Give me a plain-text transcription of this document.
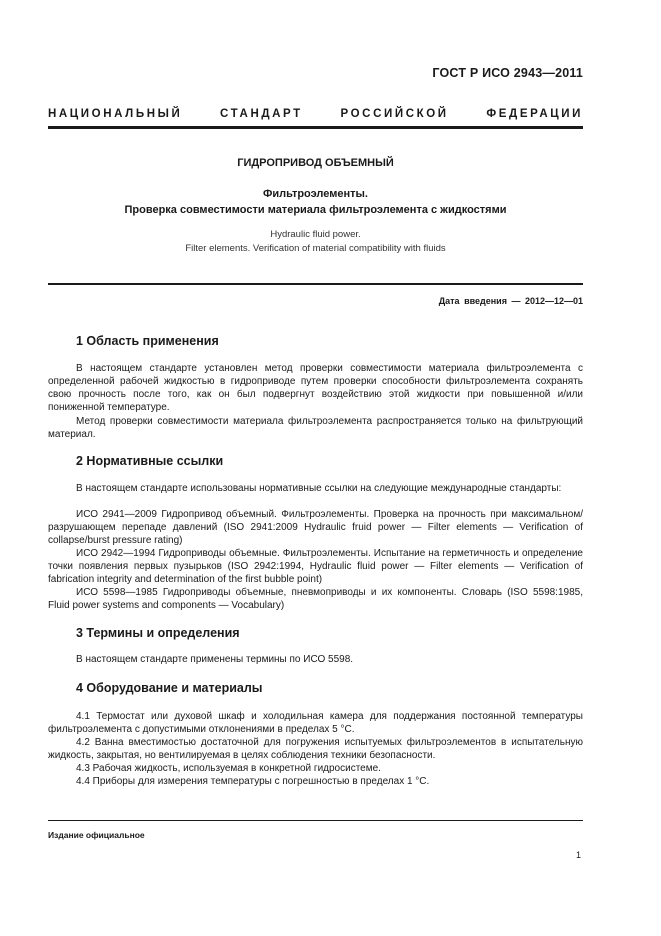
ГОСТ Р ИСО 2943—2011
НАЦИОНАЛЬНЫЙ СТАНДАРТ РОССИЙСКОЙ ФЕДЕРАЦИИ
ГИДРОПРИВОД ОБЪЕМНЫЙ
Фильтроэлементы.
Проверка совместимости материала фильтроэлемента с жидкостями
Hydraulic fluid power.
Filter elements. Verification of material compatibility with fluids
Дата введения — 2012—12—01
1 Область применения
В настоящем стандарте установлен метод проверки совместимости материала фильтроэлемента с определенной рабочей жидкостью в гидроприводе путем проверки способности фильтроэлемента сохранять свою прочность после того, как он был подвергнут воздействию этой жидкости при повышенной и/или пониженной температуре.
Метод проверки совместимости материала фильтроэлемента распространяется только на фильтрующий материал.
2 Нормативные ссылки
В настоящем стандарте использованы нормативные ссылки на следующие международные стандарты:
ИСО 2941—2009 Гидропривод объемный. Фильтроэлементы. Проверка на прочность при максимальном/разрушающем перепаде давлений (ISO 2941:2009 Hydraulic fruid power — Filter elements — Verification of collapse/burst pressure rating)
ИСО 2942—1994 Гидроприводы объемные. Фильтроэлементы. Испытание на герметичность и определение точки появления первых пузырьков (ISO 2942:1994, Hydraulic fluid power — Filter elements — Verification of fabrication integrity and determination of the first bubble point)
ИСО 5598—1985 Гидроприводы объемные, пневмоприводы и их компоненты. Словарь (ISO 5598:1985, Fluid power systems and components — Vocabulary)
3 Термины и определения
В настоящем стандарте применены термины по ИСО 5598.
4 Оборудование и материалы
4.1 Термостат или духовой шкаф и холодильная камера для поддержания постоянной температуры фильтроэлемента с допустимыми отклонениями в пределах 5 °С.
4.2 Ванна вместимостью достаточной для погружения испытуемых фильтроэлементов в испытательную жидкость, закрытая, но вентилируемая в целях соблюдения техники безопасности.
4.3 Рабочая жидкость, используемая в конкретной гидросистеме.
4.4 Приборы для измерения температуры с погрешностью в пределах 1 °С.
Издание официальное
1
